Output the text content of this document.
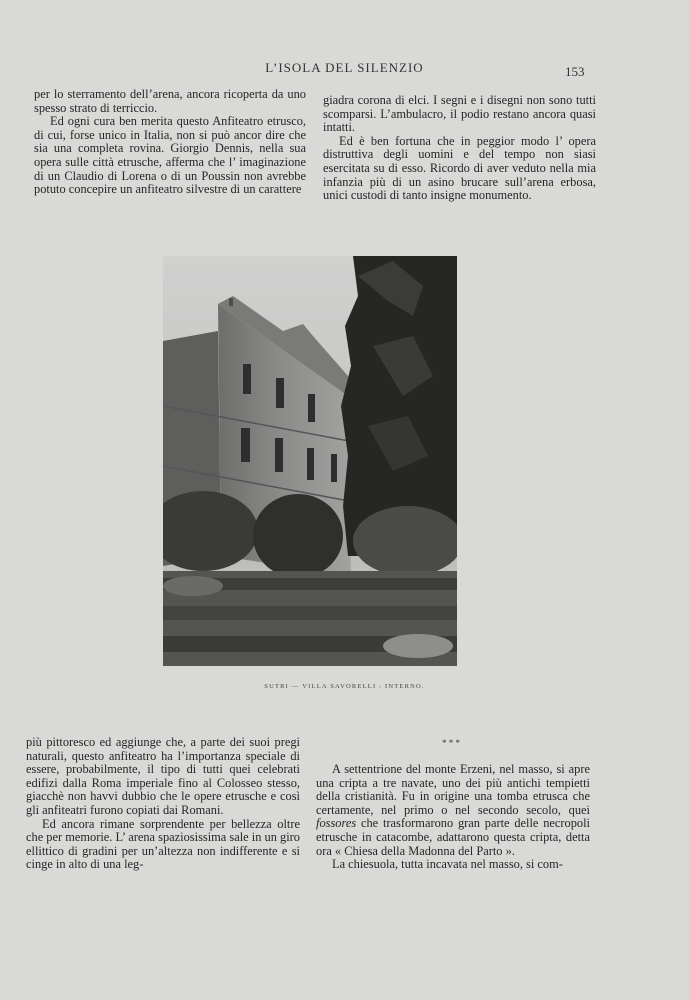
L’ISOLA DEL SILENZIO	153

per lo sterramento dell’arena, ancora ricoperta da uno spesso strato di terriccio.

Ed ogni cura ben merita questo Anfiteatro etrusco, di cui, forse unico in Italia, non si può ancor dire che sia una completa rovina. Giorgio Dennis, nella sua opera sulle città etrusche, afferma che l’ imaginazione di un Claudio di Lorena o di un Poussin non avrebbe potuto concepire un anfiteatro silvestre di un carattere

giadra corona di elci. I segni e i disegni non sono tutti scomparsi. L’ambulacro, il podio restano ancora quasi intatti.

Ed è ben fortuna che in peggior modo l’ opera distruttiva degli uomini e del tempo non siasi esercitata su di esso. Ricordo di aver veduto nella mia infanzia più di un asino brucare sull’arena erbosa, unici custodi di tanto insigne monumento.

SUTRI — VILLA SAVORELLI : INTERNO.

più pittoresco ed aggiunge che, a parte dei suoi pregi naturali, questo anfiteatro ha l’importanza speciale di essere, probabilmente, il tipo di tutti quei celebrati edifizi dalla Roma imperiale fino al Colosseo stesso, giacchè non havvi dubbio che le opere etrusche e così gli anfiteatri furono copiati dai Romani.

Ed ancora rimane sorprendente per bellezza oltre che per memorie. L’ arena spaziosissima sale in un giro ellittico di gradini per un’altezza non indifferente e si cinge in alto di una leg-

* * *

A settentrione del monte Erzeni, nel masso, si apre una cripta a tre navate, uno dei più antichi tempietti della cristianità. Fu in origine una tomba etrusca che certamente, nel primo o nel secondo secolo, quei fossores che trasformarono gran parte delle necropoli etrusche in catacombe, adattarono questa cripta, detta ora « Chiesa della Madonna del Parto ».

La chiesuola, tutta incavata nel masso, si com-
